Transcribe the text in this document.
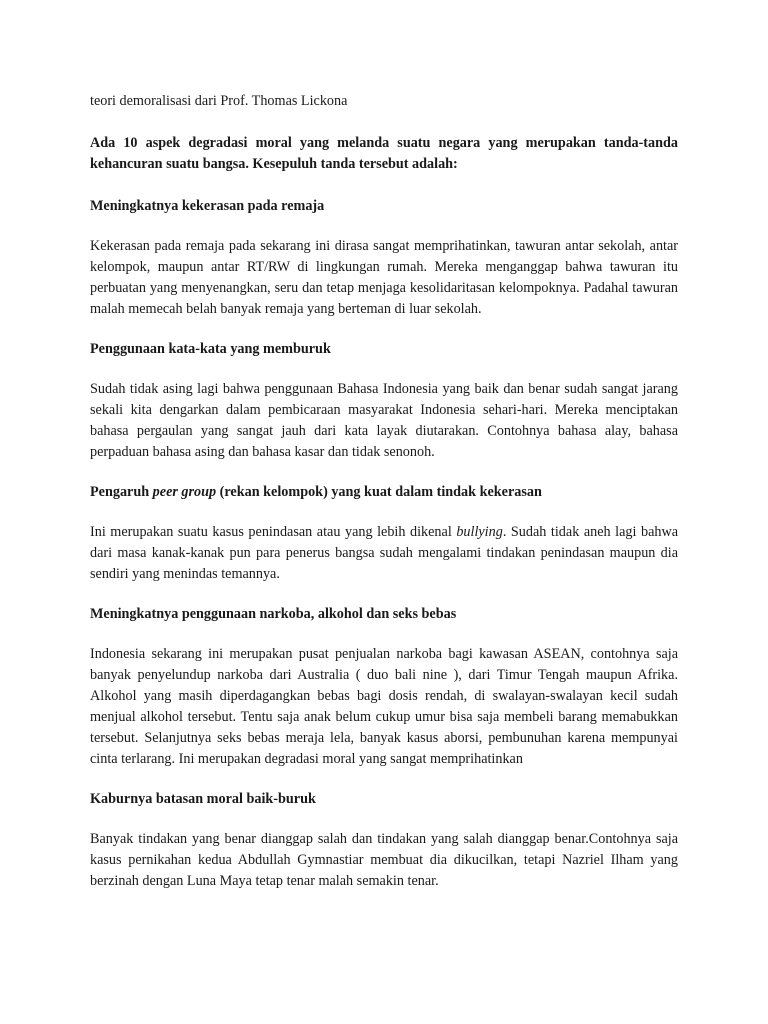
teori demoralisasi dari Prof. Thomas Lickona

Ada 10 aspek degradasi moral yang melanda suatu negara yang merupakan tanda-tanda kehancuran suatu bangsa. Kesepuluh tanda tersebut adalah:

Meningkatnya kekerasan pada remaja

Kekerasan pada remaja pada sekarang ini dirasa sangat memprihatinkan, tawuran antar sekolah, antar kelompok, maupun antar RT/RW di lingkungan rumah. Mereka menganggap bahwa tawuran itu perbuatan yang menyenangkan, seru dan tetap menjaga kesolidaritasan kelompoknya. Padahal tawuran malah memecah belah banyak remaja yang berteman di luar sekolah.

Penggunaan kata-kata yang memburuk

Sudah tidak asing lagi bahwa penggunaan Bahasa Indonesia yang baik dan benar sudah sangat jarang sekali kita dengarkan dalam pembicaraan masyarakat Indonesia sehari-hari. Mereka menciptakan bahasa pergaulan yang sangat jauh dari kata layak diutarakan. Contohnya bahasa alay, bahasa perpaduan bahasa asing dan bahasa kasar dan tidak senonoh.

Pengaruh peer group (rekan kelompok) yang kuat dalam tindak kekerasan

Ini merupakan suatu kasus penindasan atau yang lebih dikenal bullying. Sudah tidak aneh lagi bahwa dari masa kanak-kanak pun para penerus bangsa sudah mengalami tindakan penindasan maupun dia sendiri yang menindas temannya.

Meningkatnya penggunaan narkoba, alkohol dan seks bebas

Indonesia sekarang ini merupakan pusat penjualan narkoba bagi kawasan ASEAN, contohnya saja banyak penyelundup narkoba dari Australia ( duo bali nine ), dari Timur Tengah maupun Afrika. Alkohol yang masih diperdagangkan bebas bagi dosis rendah, di swalayan-swalayan kecil sudah menjual alkohol tersebut. Tentu saja anak belum cukup umur bisa saja membeli barang memabukkan tersebut. Selanjutnya seks bebas meraja lela, banyak kasus aborsi, pembunuhan karena mempunyai cinta terlarang. Ini merupakan degradasi moral yang sangat memprihatinkan

Kaburnya batasan moral baik-buruk

Banyak tindakan yang benar dianggap salah dan tindakan yang salah dianggap benar.Contohnya saja kasus pernikahan kedua Abdullah Gymnastiar membuat dia dikucilkan, tetapi Nazriel Ilham yang berzinah dengan Luna Maya tetap tenar malah semakin tenar.
